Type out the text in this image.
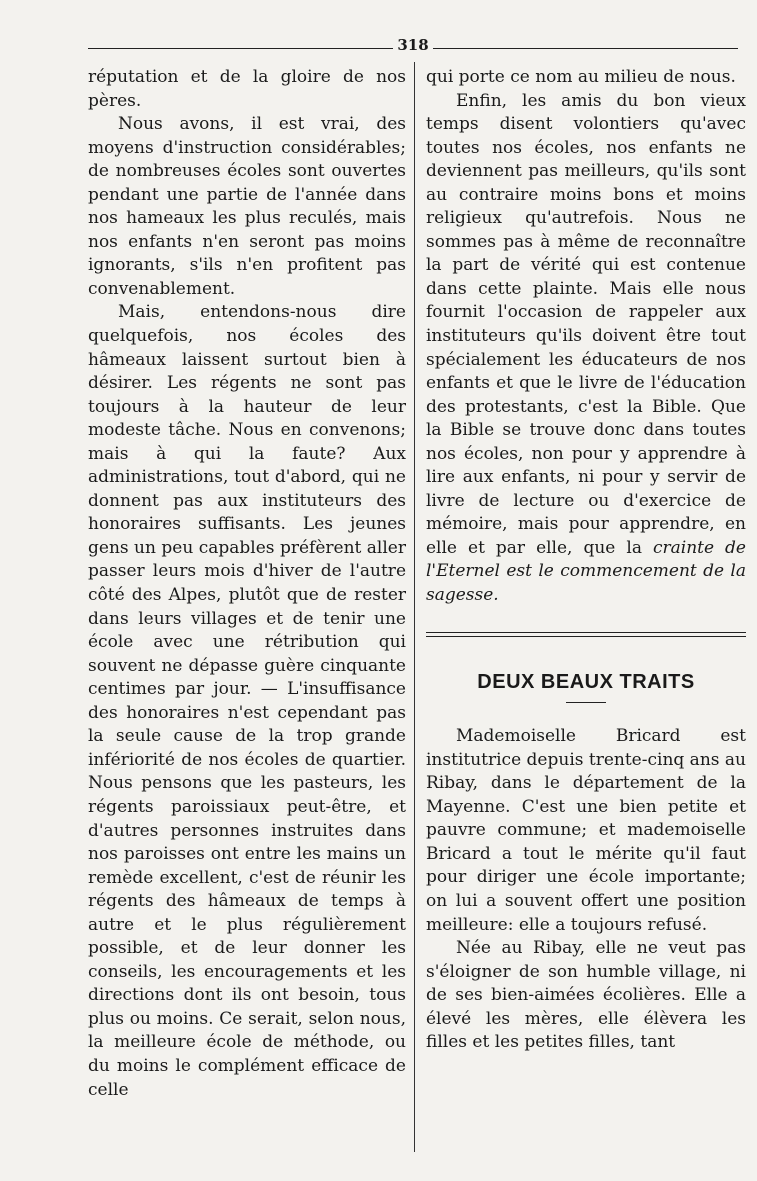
318

réputation et de la gloire de nos pères.

Nous avons, il est vrai, des moyens d'instruction considérables; de nombreuses écoles sont ouvertes pendant une partie de l'année dans nos hameaux les plus reculés, mais nos enfants n'en seront pas moins ignorants, s'ils n'en profitent pas convenablement.

Mais, entendons-nous dire quelquefois, nos écoles des hâmeaux laissent surtout bien à désirer. Les régents ne sont pas toujours à la hauteur de leur modeste tâche. Nous en convenons; mais à qui la faute? Aux administrations, tout d'abord, qui ne donnent pas aux instituteurs des honoraires suffisants. Les jeunes gens un peu capables préfèrent aller passer leurs mois d'hiver de l'autre côté des Alpes, plutôt que de rester dans leurs villages et de tenir une école avec une rétribution qui souvent ne dépasse guère cinquante centimes par jour. — L'insuffisance des honoraires n'est cependant pas la seule cause de la trop grande infériorité de nos écoles de quartier. Nous pensons que les pasteurs, les régents paroissiaux peut-être, et d'autres personnes instruites dans nos paroisses ont entre les mains un remède excellent, c'est de réunir les régents des hâmeaux de temps à autre et le plus régulièrement possible, et de leur donner les conseils, les encouragements et les directions dont ils ont besoin, tous plus ou moins. Ce serait, selon nous, la meilleure école de méthode, ou du moins le complément efficace de celle

qui porte ce nom au milieu de nous.

Enfin, les amis du bon vieux temps disent volontiers qu'avec toutes nos écoles, nos enfants ne deviennent pas meilleurs, qu'ils sont au contraire moins bons et moins religieux qu'autrefois. Nous ne sommes pas à même de reconnaître la part de vérité qui est contenue dans cette plainte. Mais elle nous fournit l'occasion de rappeler aux instituteurs qu'ils doivent être tout spécialement les éducateurs de nos enfants et que le livre de l'éducation des protestants, c'est la Bible. Que la Bible se trouve donc dans toutes nos écoles, non pour y apprendre à lire aux enfants, ni pour y servir de livre de lecture ou d'exercice de mémoire, mais pour apprendre, en elle et par elle, que la crainte de l'Eternel est le commencement de la sagesse.

DEUX BEAUX TRAITS

Mademoiselle Bricard est institutrice depuis trente-cinq ans au Ribay, dans le département de la Mayenne. C'est une bien petite et pauvre commune; et mademoiselle Bricard a tout le mérite qu'il faut pour diriger une école importante; on lui a souvent offert une position meilleure: elle a toujours refusé.

Née au Ribay, elle ne veut pas s'éloigner de son humble village, ni de ses bien-aimées écolières. Elle a élevé les mères, elle élèvera les filles et les petites filles, tant
